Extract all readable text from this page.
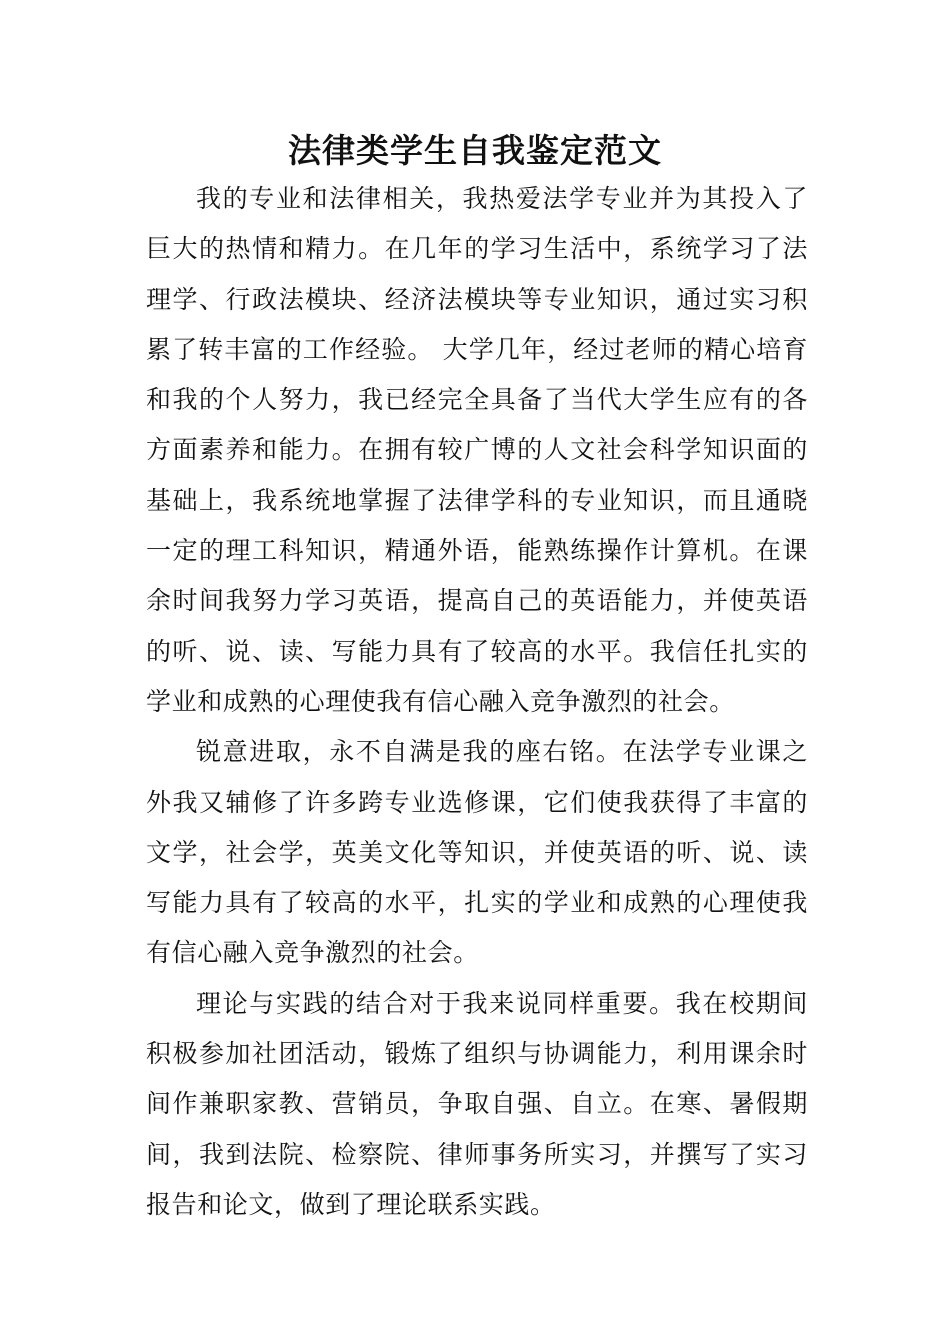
法律类学生自我鉴定范文

我的专业和法律相关，我热爱法学专业并为其投入了巨大的热情和精力。在几年的学习生活中，系统学习了法理学、行政法模块、经济法模块等专业知识，通过实习积累了转丰富的工作经验。 大学几年，经过老师的精心培育和我的个人努力，我已经完全具备了当代大学生应有的各方面素养和能力。在拥有较广博的人文社会科学知识面的基础上，我系统地掌握了法律学科的专业知识，而且通晓一定的理工科知识，精通外语，能熟练操作计算机。在课余时间我努力学习英语，提高自己的英语能力，并使英语的听、说、读、写能力具有了较高的水平。我信任扎实的学业和成熟的心理使我有信心融入竞争激烈的社会。

锐意进取，永不自满是我的座右铭。在法学专业课之外我又辅修了许多跨专业选修课，它们使我获得了丰富的文学，社会学，英美文化等知识，并使英语的听、说、读写能力具有了较高的水平，扎实的学业和成熟的心理使我有信心融入竞争激烈的社会。

理论与实践的结合对于我来说同样重要。我在校期间积极参加社团活动，锻炼了组织与协调能力，利用课余时间作兼职家教、营销员，争取自强、自立。在寒、暑假期间，我到法院、检察院、律师事务所实习，并撰写了实习报告和论文，做到了理论联系实践。
